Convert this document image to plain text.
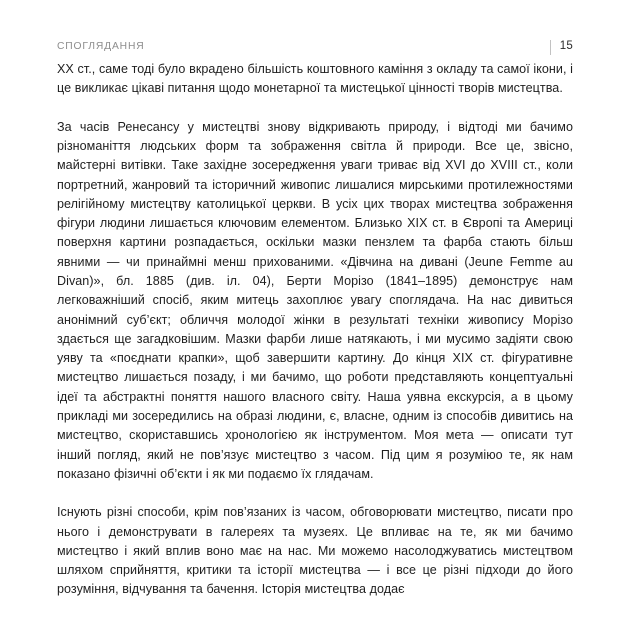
СПОГЛЯДАННЯ	15

XX ст., саме тоді було вкрадено більшість коштовного каміння з окладу та самої ікони, і це викликає цікаві питання щодо монетарної та мистецької цінності творів мистецтва.

За часів Ренесансу у мистецтві знову відкривають природу, і відтоді ми бачимо різноманіття людських форм та зображення світла й природи. Все це, звісно, майстерні витівки. Таке західне зосередження уваги триває від XVI до XVIII ст., коли портретний, жанровий та історичний живопис лишалися мирськими протилежностями релігійному мистецтву католицької церкви. В усіх цих творах мистецтва зображення фігури людини лишається ключовим елементом. Близько XIX ст. в Європі та Америці поверхня картини розпадається, оскільки мазки пензлем та фарба стають більш явними — чи принаймні менш прихованими. «Дівчина на дивані (Jeune Femme au Divan)», бл. 1885 (див. іл. 04), Берти Морізо (1841–1895) демонструє нам легковажніший спосіб, яким митець захоплює увагу споглядача. На нас дивиться анонімний суб’єкт; обличчя молодої жінки в результаті техніки живопису Морізо здається ще загадковішим. Мазки фарби лише натякають, і ми мусимо задіяти свою уяву та «поєднати крапки», щоб завершити картину. До кінця XIX ст. фігуративне мистецтво лишається позаду, і ми бачимо, що роботи представляють концептуальні ідеї та абстрактні поняття нашого власного світу. Наша уявна екскурсія, а в цьому прикладі ми зосередились на образі людини, є, власне, одним із способів дивитись на мистецтво, скориставшись хронологією як інструментом. Моя мета — описати тут інший погляд, який не пов’язує мистецтво з часом. Під цим я розуміюо те, як нам показано фізичні об’єкти і як ми подаємо їх глядачам.

Існують різні способи, крім пов’язаних із часом, обговорювати мистецтво, писати про нього і демонструвати в галереях та музеях. Це впливає на те, як ми бачимо мистецтво і який вплив воно має на нас. Ми можемо насолоджуватись мистецтвом шляхом сприйняття, критики та історії мистецтва — і все це різні підходи до його розуміння, відчування та бачення. Історія мистецтва додає
